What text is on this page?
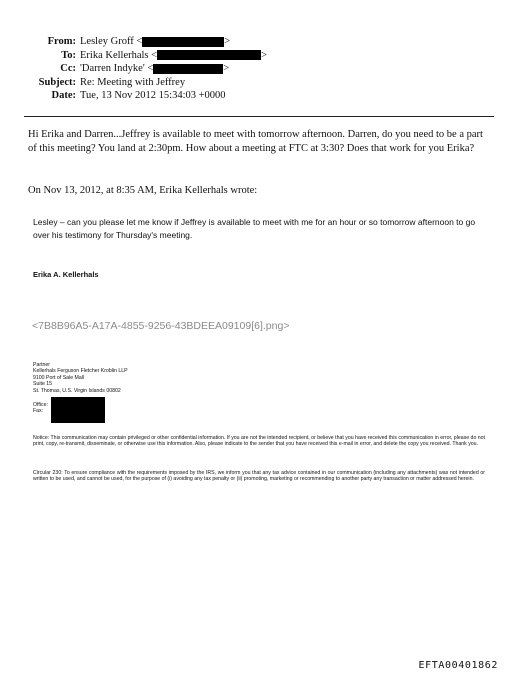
From: Lesley Groff <	>
To: Erika Kellerhals <	>
Cc: 'Darren Indyke' <	>
Subject: Re: Meeting with Jeffrey
Date: Tue, 13 Nov 2012 15:34:03 +0000

Hi Erika and Darren...Jeffrey is available to meet with tomorrow afternoon. Darren, do you need to be a part of this meeting? You land at 2:30pm. How about a meeting at FTC at 3:30? Does that work for you Erika?

On Nov 13, 2012, at 8:35 AM, Erika Kellerhals wrote:

Lesley – can you please let me know if Jeffrey is available to meet with me for an hour or so tomorrow afternoon to go over his testimony for Thursday's meeting.

Erika A. Kellerhals
<7B8B96A5-A17A-4855-9256-43BDEEA09109[6].png>
Partner
Kellerhals Ferguson Fletcher Kroblin LLP
9100 Port of Sale Mall
Suite 15
St. Thomas, U.S. Virgin Islands 00802
Office:
Fax:

Notice: This communication may contain privileged or other confidential information. If you are not the intended recipient, or believe that you have received this communication in error, please do not print, copy, re-transmit, disseminate, or otherwise use this information. Also, please indicate to the sender that you have received this e-mail in error, and delete the copy you received. Thank you.

Circular 230: To ensure compliance with the requirements imposed by the IRS, we inform you that any tax advice contained in our communication (including any attachments) was not intended or written to be used, and cannot be used, for the purpose of (i) avoiding any tax penalty or (ii) promoting, marketing or recommending to another party any transaction or matter addressed herein.

EFTA00401862
